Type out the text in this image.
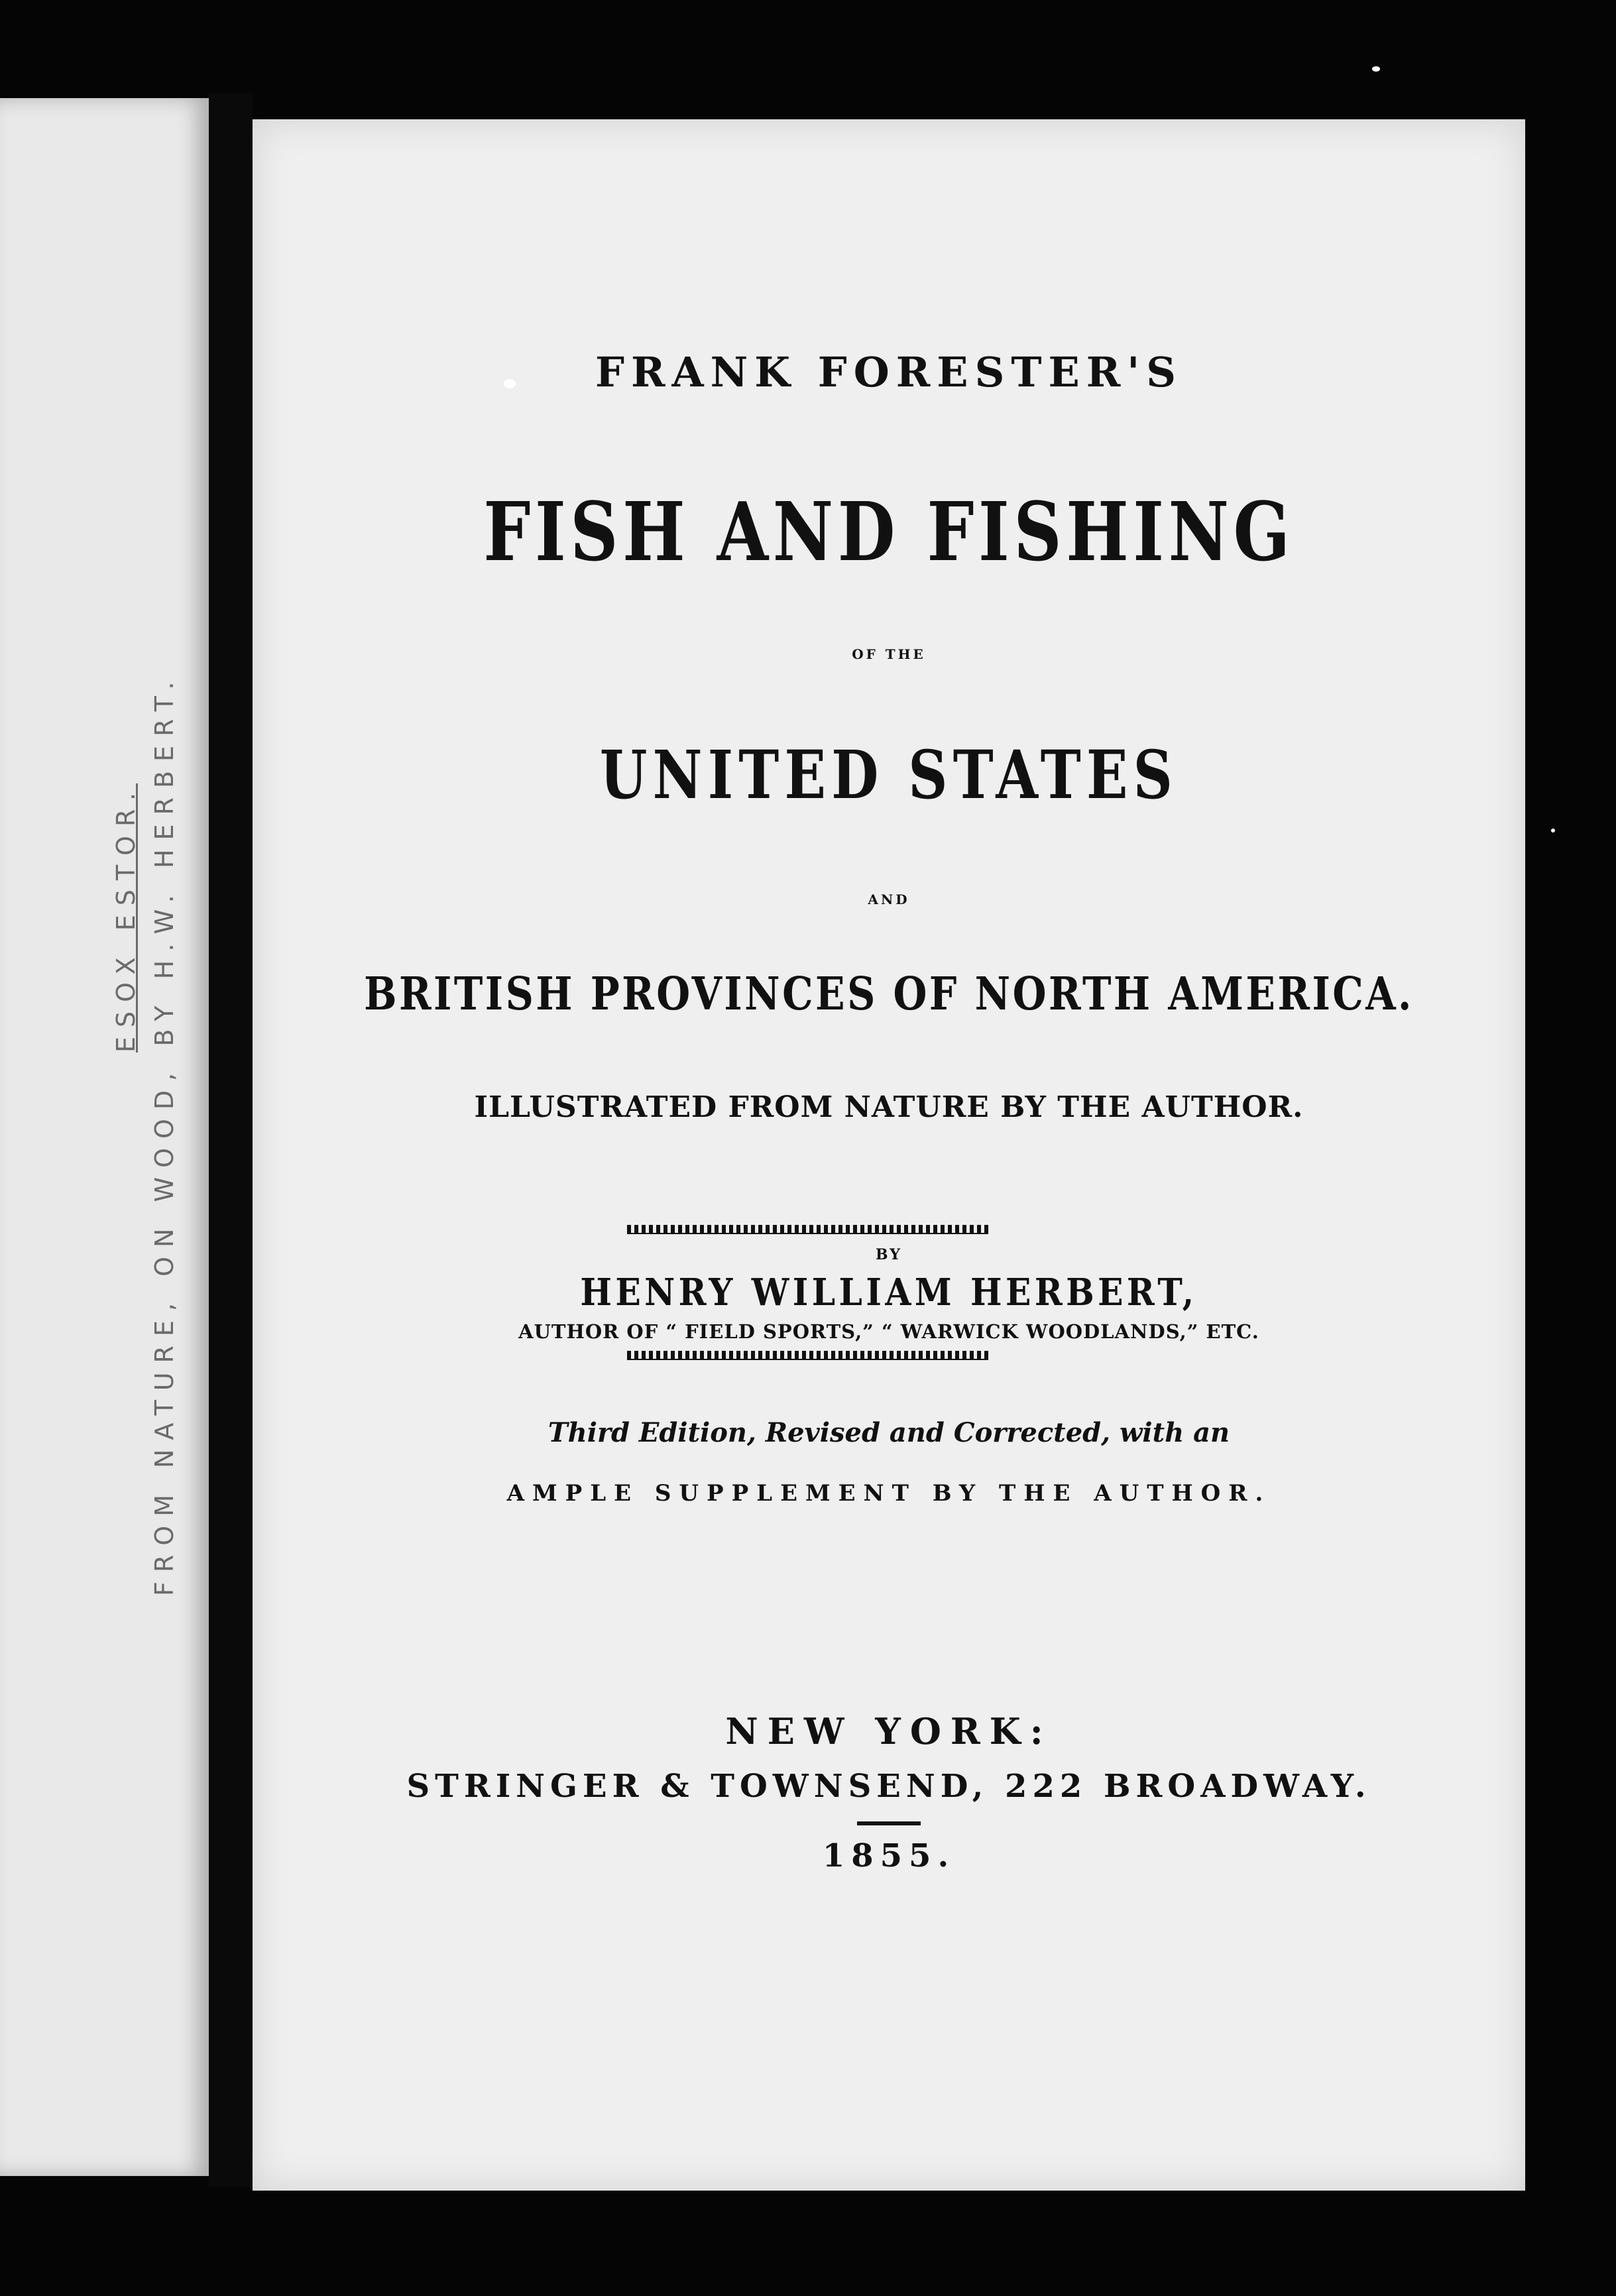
ESOX ESTOR. FROM NATURE, ON WOOD, BY H.W. HERBERT.
FRANK FORESTER'S
FISH AND FISHING
OF THE
UNITED STATES
AND
BRITISH PROVINCES OF NORTH AMERICA.
ILLUSTRATED FROM NATURE BY THE AUTHOR.
BY
HENRY WILLIAM HERBERT,
AUTHOR OF “ FIELD SPORTS,” “ WARWICK WOODLANDS,” ETC.
Third Edition, Revised and Corrected, with an
AMPLE SUPPLEMENT BY THE AUTHOR.
NEW YORK:
STRINGER & TOWNSEND, 222 BROADWAY.
1855.
